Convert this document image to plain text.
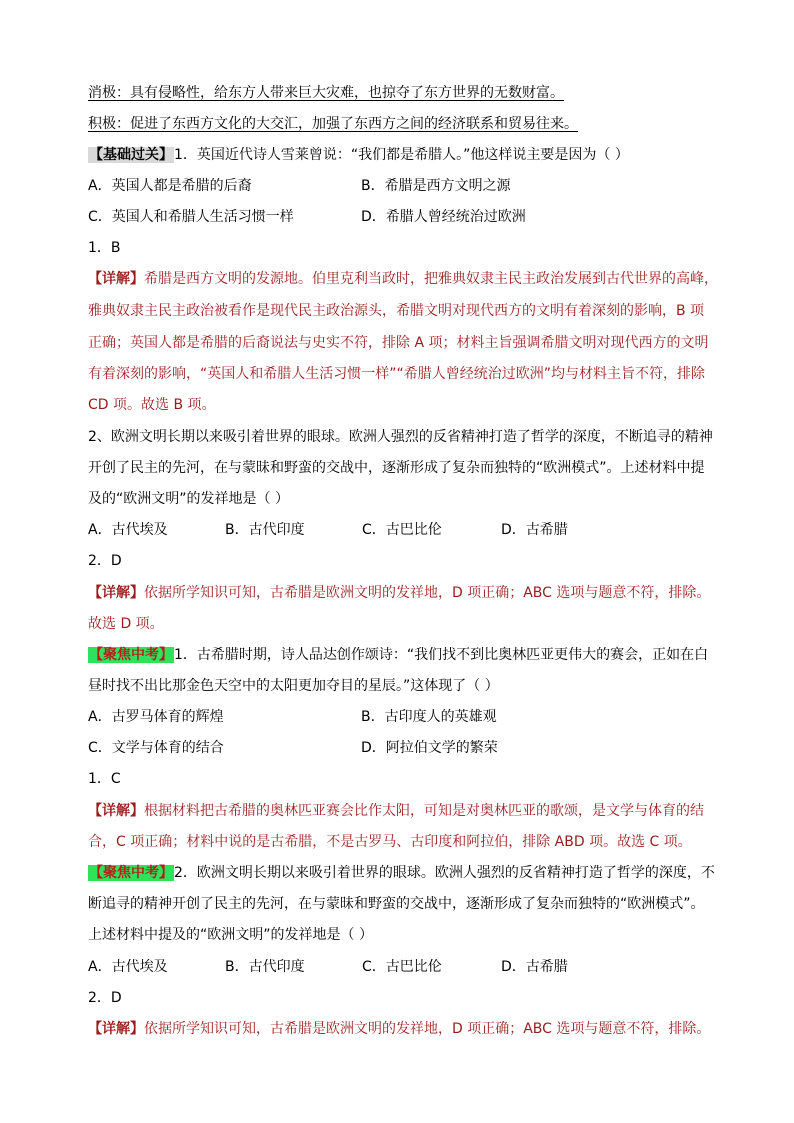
消极：具有侵略性，给东方人带来巨大灾难，也掠夺了东方世界的无数财富。
积极：促进了东西方文化的大交汇，加强了东西方之间的经济联系和贸易往来。
【基础过关】1．英国近代诗人雪莱曾说：“我们都是希腊人。”他这样说主要是因为（ ）
A．英国人都是希腊的后裔	B．希腊是西方文明之源
C．英国人和希腊人生活习惯一样	D．希腊人曾经统治过欧洲
1．B
【详解】希腊是西方文明的发源地。伯里克利当政时，把雅典奴隶主民主政治发展到古代世界的高峰，
雅典奴隶主民主政治被看作是现代民主政治源头，希腊文明对现代西方的文明有着深刻的影响，B 项
正确；英国人都是希腊的后裔说法与史实不符，排除 A 项；材料主旨强调希腊文明对现代西方的文明
有着深刻的影响，“英国人和希腊人生活习惯一样”“希腊人曾经统治过欧洲”均与材料主旨不符，排除
CD 项。故选 B 项。
2、欧洲文明长期以来吸引着世界的眼球。欧洲人强烈的反省精神打造了哲学的深度，不断追寻的精神
开创了民主的先河，在与蒙昧和野蛮的交战中，逐渐形成了复杂而独特的“欧洲模式”。上述材料中提
及的“欧洲文明”的发祥地是（ ）
A．古代埃及	B．古代印度	C．古巴比伦	D．古希腊
2．D
【详解】依据所学知识可知，古希腊是欧洲文明的发祥地，D 项正确；ABC 选项与题意不符，排除。
故选 D 项。
【聚焦中考】1．古希腊时期，诗人品达创作颂诗：“我们找不到比奥林匹亚更伟大的赛会，正如在白
昼时找不出比那金色天空中的太阳更加夺目的星辰。”这体现了（ ）
A．古罗马体育的辉煌	B．古印度人的英雄观
C．文学与体育的结合	D．阿拉伯文学的繁荣
1．C
【详解】根据材料把古希腊的奥林匹亚赛会比作太阳，可知是对奥林匹亚的歌颂，是文学与体育的结
合，C 项正确；材料中说的是古希腊，不是古罗马、古印度和阿拉伯，排除 ABD 项。故选 C 项。
【聚焦中考】2．欧洲文明长期以来吸引着世界的眼球。欧洲人强烈的反省精神打造了哲学的深度，不
断追寻的精神开创了民主的先河，在与蒙昧和野蛮的交战中，逐渐形成了复杂而独特的“欧洲模式”。
上述材料中提及的“欧洲文明”的发祥地是（ ）
A．古代埃及	B．古代印度	C．古巴比伦	D．古希腊
2．D
【详解】依据所学知识可知，古希腊是欧洲文明的发祥地，D 项正确；ABC 选项与题意不符，排除。
